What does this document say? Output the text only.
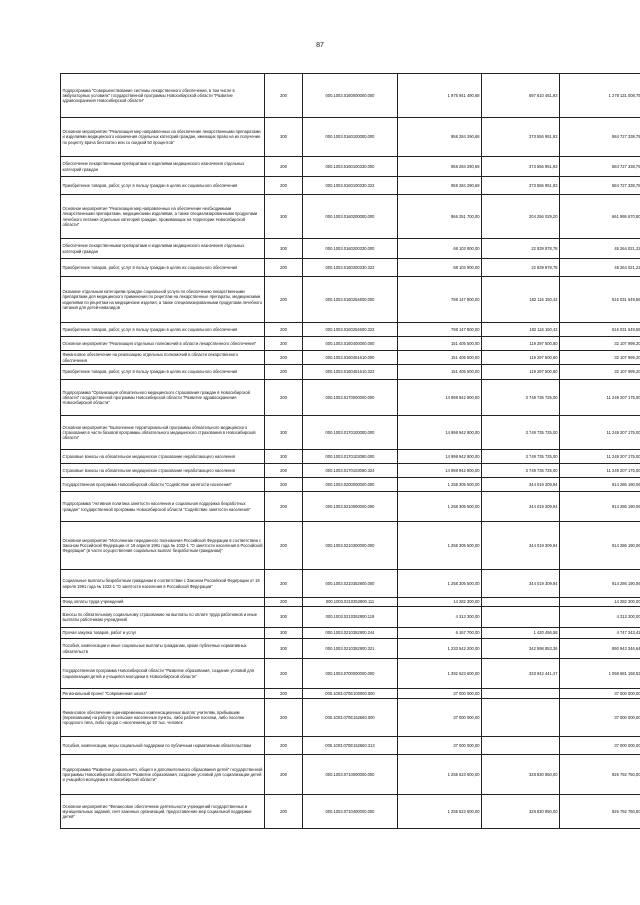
87
Подпрограмма "Совершенствование системы лекарственного обеспечения, в том числе в амбулаторных условиях" государственной программы Новосибирской области "Развитие здравоохранения Новосибирской области"	200	000.1003.0160000000.000	1 975 941 490,68	697 810 481,93	1 278 131 008,75
Основное мероприятие "Реализация мер направленных на обеспечение лекарственными препаратами и изделиями медицинского назначения отдельных категорий граждан, имеющих право на их получение по рецепту врача бесплатно или со скидкой 50 процентов"	200	000.1003.0160100000.000	958 284 290,68	373 556 951,93	584 727 338,75
Обеспечение лекарственными препаратами и изделиями медицинского назначения отдельных категорий граждан	200	000.1003.0160100330.000	958 284 290,68	373 556 951,93	584 727 338,75
Приобретение товаров, работ, услуг в пользу граждан в целях их социального обеспечения	200	000.1003.0160100330.323	958 284 290,68	373 556 951,93	584 727 338,75
Основное мероприятие "Реализация мер направленных на обеспечение необходимыми лекарственными препаратами, медицинскими изделиями, а также специализированными продуктами лечебного питания отдельных категорий граждан, проживающих на территории Новосибирской области"	200	000.1003.0160200000.000	866 251 700,00	204 256 029,20	661 995 670,80
Обеспечение лекарственными препаратами и изделиями медицинского назначения отдельных категорий граждан	200	000.1003.0160200330.000	68 103 900,00	22 839 878,78	45 264 021,22
Приобретение товаров, работ, услуг в пользу граждан в целях их социального обеспечения	200	000.1003.0160200330.323	68 103 900,00	22 839 878,78	45 264 021,22
Оказание отдельным категориям граждан социальной услуги по обеспечению лекарственными препаратами для медицинского применения по рецептам на лекарственные препараты, медицинскими изделиями по рецептам на медицинские изделия, а также специализированными продуктами лечебного питания для детей-инвалидов	200	000.1003.0160254600.000	798 147 800,00	182 116 150,42	616 031 649,58
Приобретение товаров, работ, услуг в пользу граждан в целях их социального обеспечения	200	000.1003.0160254600.323	798 147 800,00	182 116 150,42	616 031 649,58
Основное мероприятие "Реализация отдельных полномочий в области лекарственного обеспечения"	200	000.1003.0160400000.000	151 405 500,00	119 297 500,80	32 107 999,20
Финансовое обеспечение на реализацию отдельных полномочий в области лекарственного обеспечения	200	000.1003.0160451610.000	151 405 500,00	119 297 500,80	32 107 999,20
Приобретение товаров, работ, услуг в пользу граждан в целях их социального обеспечения	200	000.1003.0160451610.323	151 405 500,00	119 297 500,80	32 107 999,20
Подпрограмма "Организация обязательного медицинского страхования граждан в Новосибирской области" государственной программы Новосибирской области "Развитие здравоохранения Новосибирской области"	200	000.1003.0170000000.000	14 998 942 900,00	3 749 735 725,00	11 249 207 175,00
Основное мероприятие "Выполнение территориальной программы обязательного медицинского страхования в части базовой программы обязательного медицинского страхования в Новосибирской области"	200	000.1003.0170100000.000	14 998 942 900,00	3 749 735 725,00	11 249 207 175,00
Страховые взносы на обязательное медицинское страхование неработающего населения	200	000.1003.0170103080.000	14 998 942 900,00	3 749 735 725,00	11 249 207 175,00
Страховые взносы на обязательное медицинское страхование неработающего населения	200	000.1003.0170103080.324	14 998 942 900,00	3 749 735 725,00	11 249 207 175,00
Государственная программа Новосибирской области "Содействие занятости населения"	200	000.1003.0200000000.000	1 258 305 500,00	344 019 309,94	914 286 190,06
Подпрограмма "Активная политика занятости населения и социальная поддержка безработных граждан" государственной программы Новосибирской области "Содействие занятости населения"	200	000.1003.0210000000.000	1 258 305 500,00	344 019 309,94	914 286 190,06
Основное мероприятие "Исполнение переданного полномочия Российской Федерации в соответствии с Законом Российской Федерации от 19 апреля 1991 года № 1032-1 "О занятости населения в Российской Федерации" (в части осуществления социальных выплат безработным гражданам)"	200	000.1003.0210300000.000	1 258 305 500,00	344 019 309,94	914 286 190,06
Социальные выплаты безработным гражданам в соответствии с Законом Российской Федерации от 19 апреля 1991 года № 1032-1 "О занятости населения в Российской Федерации"	200	000.1003.0210352900.000	1 258 305 500,00	344 019 309,94	914 286 190,06
Фонд оплаты труда учреждений	200	000.1003.0210352900.111	14 282 300,00		14 282 300,00
Взносы по обязательному социальному страхованию на выплаты по оплате труда работников и иные выплаты работникам учреждений	200	000.1003.0210352900.119	4 313 300,00		4 313 300,00
Прочая закупка товаров, работ и услуг	200	000.1003.0210352900.244	6 167 700,00	1 420 456,58	4 747 243,42
Пособия, компенсации и иные социальные выплаты гражданам, кроме публичных нормативных обязательств	200	000.1003.0210352900.321	1 233 542 200,00	342 598 853,36	890 943 346,64
Государственная программа Новосибирской области "Развитие образования, создание условий для социализации детей и учащейся молодежи в Новосибирской области"	200	000.1003.0700000000.000	1 392 623 600,00	333 942 441,47	1 058 681 158,53
Региональный проект "Современная школа"	200	000.1003.070Е100000.000	37 000 000,00		37 000 000,00
Финансовое обеспечение единовременных компенсационных выплат учителям, прибывшим (переехавшим) на работу в сельские населенные пункты, либо рабочие поселки, либо поселки городского типа, либо города с населением до 50 тыс. человек	200	000.1003.070Е152560.000	37 000 000,00		37 000 000,00
Пособия, компенсации, меры социальной поддержки по публичным нормативным обязательствам	200	000.1003.070Е152560.313	37 000 000,00		37 000 000,00
Подпрограмма "Развитие дошкольного, общего и дополнительного образования детей" государственной программы Новосибирской области "Развитие образования, создание условий для социализации детей и учащейся молодежи в Новосибирской области"	200	000.1003.0710000000.000	1 255 623 600,00	328 830 850,00	926 792 750,00
Основное мероприятие "Финансовое обеспечение деятельности учреждений государственных и муниципальных заданий, снят казенных организаций, предоставление мер социальной поддержки детей"	200	000.1003.0710400000.000	1 255 623 600,00	328 830 850,00	926 792 750,00
